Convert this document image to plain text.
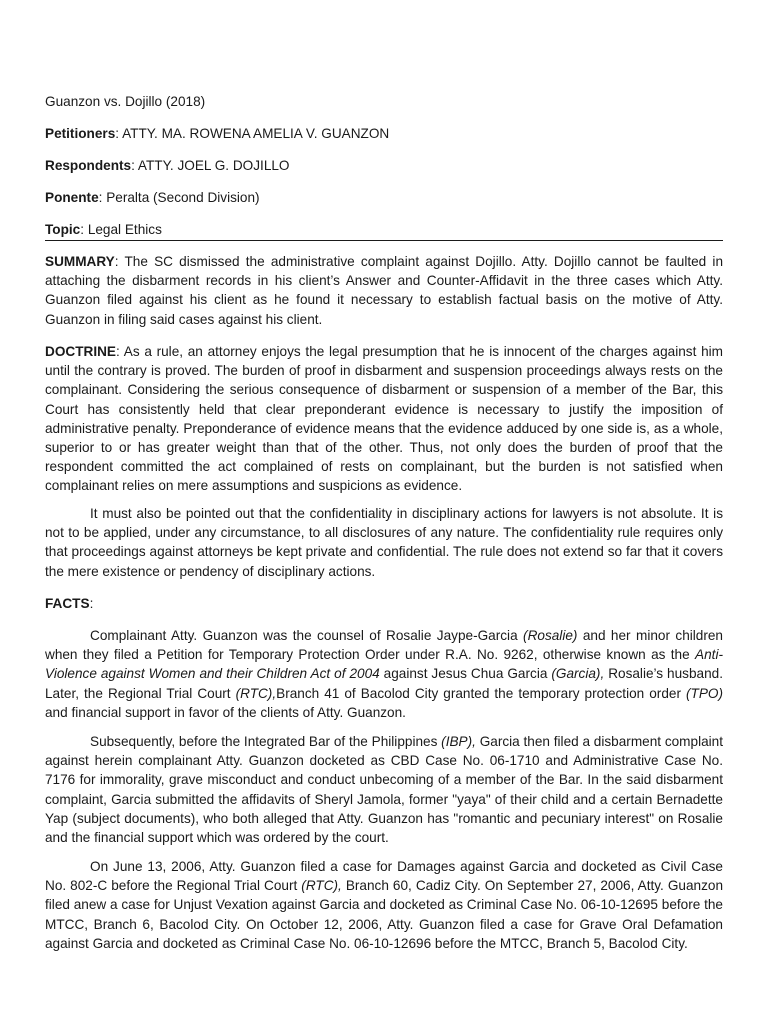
Guanzon vs. Dojillo (2018)

Petitioners: ATTY. MA. ROWENA AMELIA V. GUANZON

Respondents: ATTY. JOEL G. DOJILLO

Ponente: Peralta (Second Division)

Topic: Legal Ethics

SUMMARY: The SC dismissed the administrative complaint against Dojillo. Atty. Dojillo cannot be faulted in attaching the disbarment records in his client’s Answer and Counter-Affidavit in the three cases which Atty. Guanzon filed against his client as he found it necessary to establish factual basis on the motive of Atty. Guanzon in filing said cases against his client.

DOCTRINE: As a rule, an attorney enjoys the legal presumption that he is innocent of the charges against him until the contrary is proved. The burden of proof in disbarment and suspension proceedings always rests on the complainant. Considering the serious consequence of disbarment or suspension of a member of the Bar, this Court has consistently held that clear preponderant evidence is necessary to justify the imposition of administrative penalty. Preponderance of evidence means that the evidence adduced by one side is, as a whole, superior to or has greater weight than that of the other. Thus, not only does the burden of proof that the respondent committed the act complained of rests on complainant, but the burden is not satisfied when complainant relies on mere assumptions and suspicions as evidence.

It must also be pointed out that the confidentiality in disciplinary actions for lawyers is not absolute. It is not to be applied, under any circumstance, to all disclosures of any nature. The confidentiality rule requires only that proceedings against attorneys be kept private and confidential. The rule does not extend so far that it covers the mere existence or pendency of disciplinary actions.

FACTS:

Complainant Atty. Guanzon was the counsel of Rosalie Jaype-Garcia (Rosalie) and her minor children when they filed a Petition for Temporary Protection Order under R.A. No. 9262, otherwise known as the Anti-Violence against Women and their Children Act of 2004 against Jesus Chua Garcia (Garcia), Rosalie’s husband. Later, the Regional Trial Court (RTC),Branch 41 of Bacolod City granted the temporary protection order (TPO) and financial support in favor of the clients of Atty. Guanzon.

Subsequently, before the Integrated Bar of the Philippines (IBP), Garcia then filed a disbarment complaint against herein complainant Atty. Guanzon docketed as CBD Case No. 06-1710 and Administrative Case No. 7176 for immorality, grave misconduct and conduct unbecoming of a member of the Bar. In the said disbarment complaint, Garcia submitted the affidavits of Sheryl Jamola, former "yaya" of their child and a certain Bernadette Yap (subject documents), who both alleged that Atty. Guanzon has "romantic and pecuniary interest" on Rosalie and the financial support which was ordered by the court.

On June 13, 2006, Atty. Guanzon filed a case for Damages against Garcia and docketed as Civil Case No. 802-C before the Regional Trial Court (RTC), Branch 60, Cadiz City. On September 27, 2006, Atty. Guanzon filed anew a case for Unjust Vexation against Garcia and docketed as Criminal Case No. 06-10-12695 before the MTCC, Branch 6, Bacolod City. On October 12, 2006, Atty. Guanzon filed a case for Grave Oral Defamation against Garcia and docketed as Criminal Case No. 06-10-12696 before the MTCC, Branch 5, Bacolod City.
